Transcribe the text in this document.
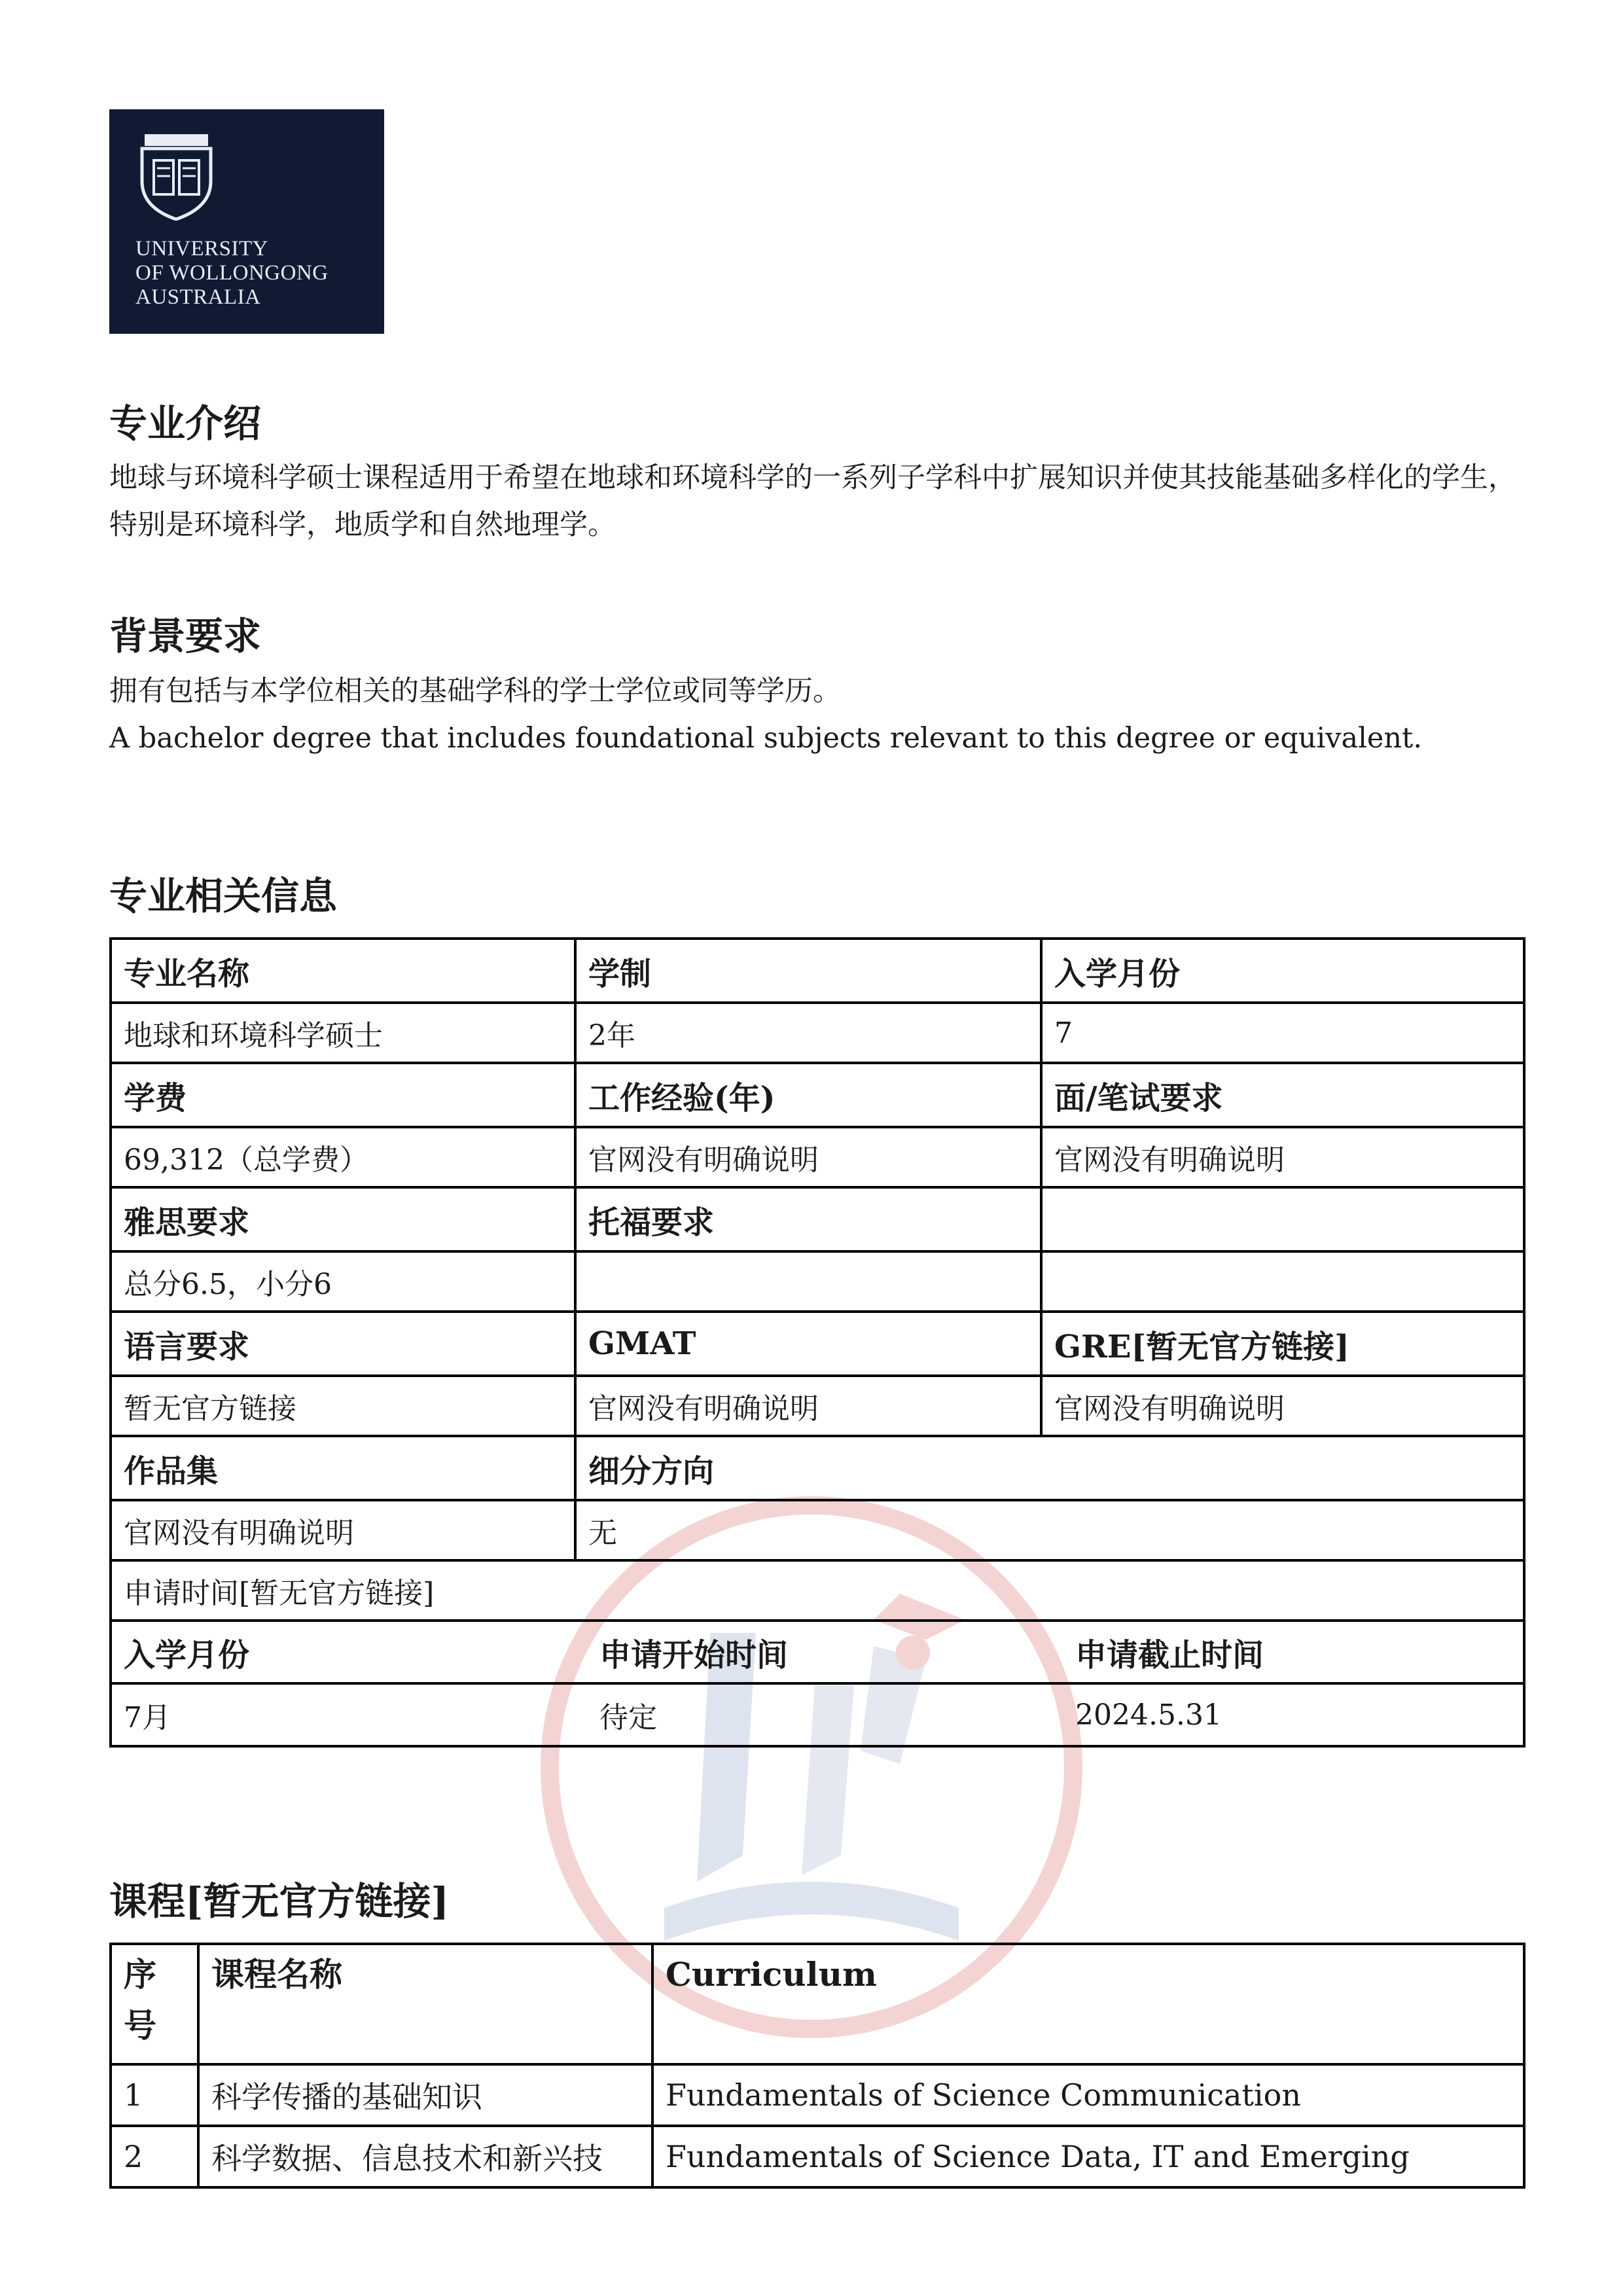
UNIVERSITY
OF WOLLONGONG
AUSTRALIA
专业介绍
地球与环境科学硕士课程适用于希望在地球和环境科学的一系列子学科中扩展知识并使其技能基础多样化的学生，特别是环境科学，地质学和自然地理学。
背景要求

拥有包括与本学位相关的基础学科的学士学位或同等学历。

A bachelor degree that includes foundational subjects relevant to this degree or equivalent.

专业相关信息
专业名称	学制	入学月份
地球和环境科学硕士	2年	7
学费	工作经验(年)	面/笔试要求
69,312（总学费）	官网没有明确说明	官网没有明确说明
雅思要求	托福要求	
总分6.5，小分6		
语言要求	GMAT	GRE[暂无官方链接]
暂无官方链接	官网没有明确说明	官网没有明确说明
作品集	细分方向
官网没有明确说明	无
申请时间[暂无官方链接]

入学月份	申请开始时间	申请截止时间
7月	待定	2024.5.31
课程[暂无官方链接]
序号	课程名称	Curriculum
1	科学传播的基础知识	Fundamentals of Science Communication
2	科学数据、信息技术和新兴技	Fundamentals of Science Data, IT and Emerging
